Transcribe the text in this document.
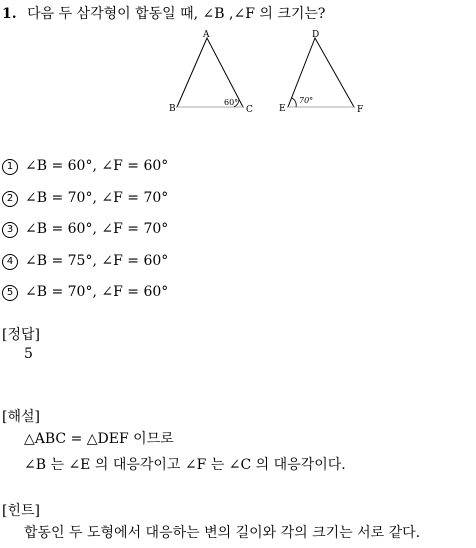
1. 다음 두 삼각형이 합동일 때, ∠B ,∠F 의 크기는?
A
B	C
60°
D
E	F
70°
1 ∠B = 60°, ∠F = 60°
2 ∠B = 70°, ∠F = 70°
3 ∠B = 60°, ∠F = 70°
4 ∠B = 75°, ∠F = 60°
5 ∠B = 70°, ∠F = 60°
[정답]
5
[해설]
△ABC = △DEF 이므로
∠B 는 ∠E 의 대응각이고 ∠F 는 ∠C 의 대응각이다.
[힌트]
합동인 두 도형에서 대응하는 변의 길이와 각의 크기는 서로 같다.
